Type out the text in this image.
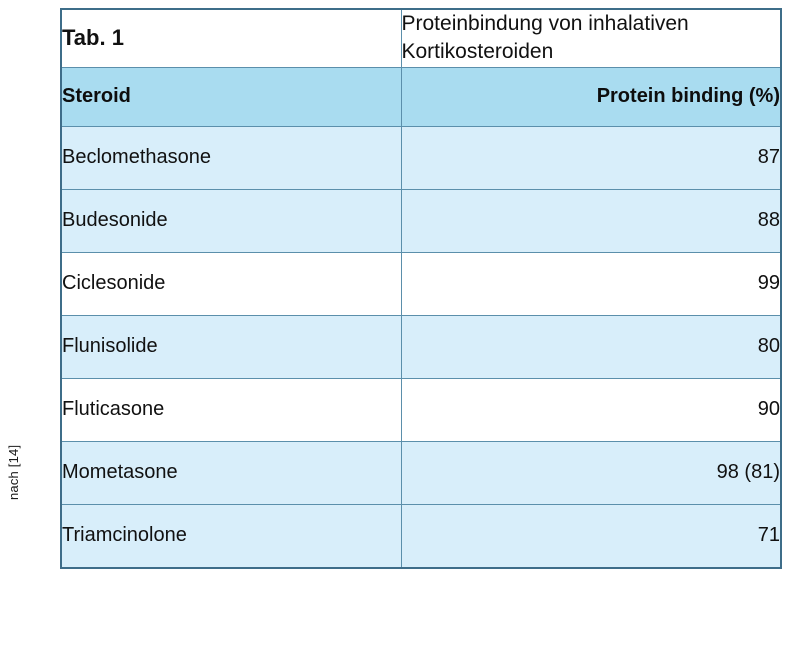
nach [14]
Tab. 1	Proteinbindung von inhalativen Kortikosteroiden
Steroid	Protein binding (%)
Beclomethasone	87
Budesonide	88
Ciclesonide	99
Flunisolide	80
Fluticasone	90
Mometasone	98 (81)
Triamcinolone	71
